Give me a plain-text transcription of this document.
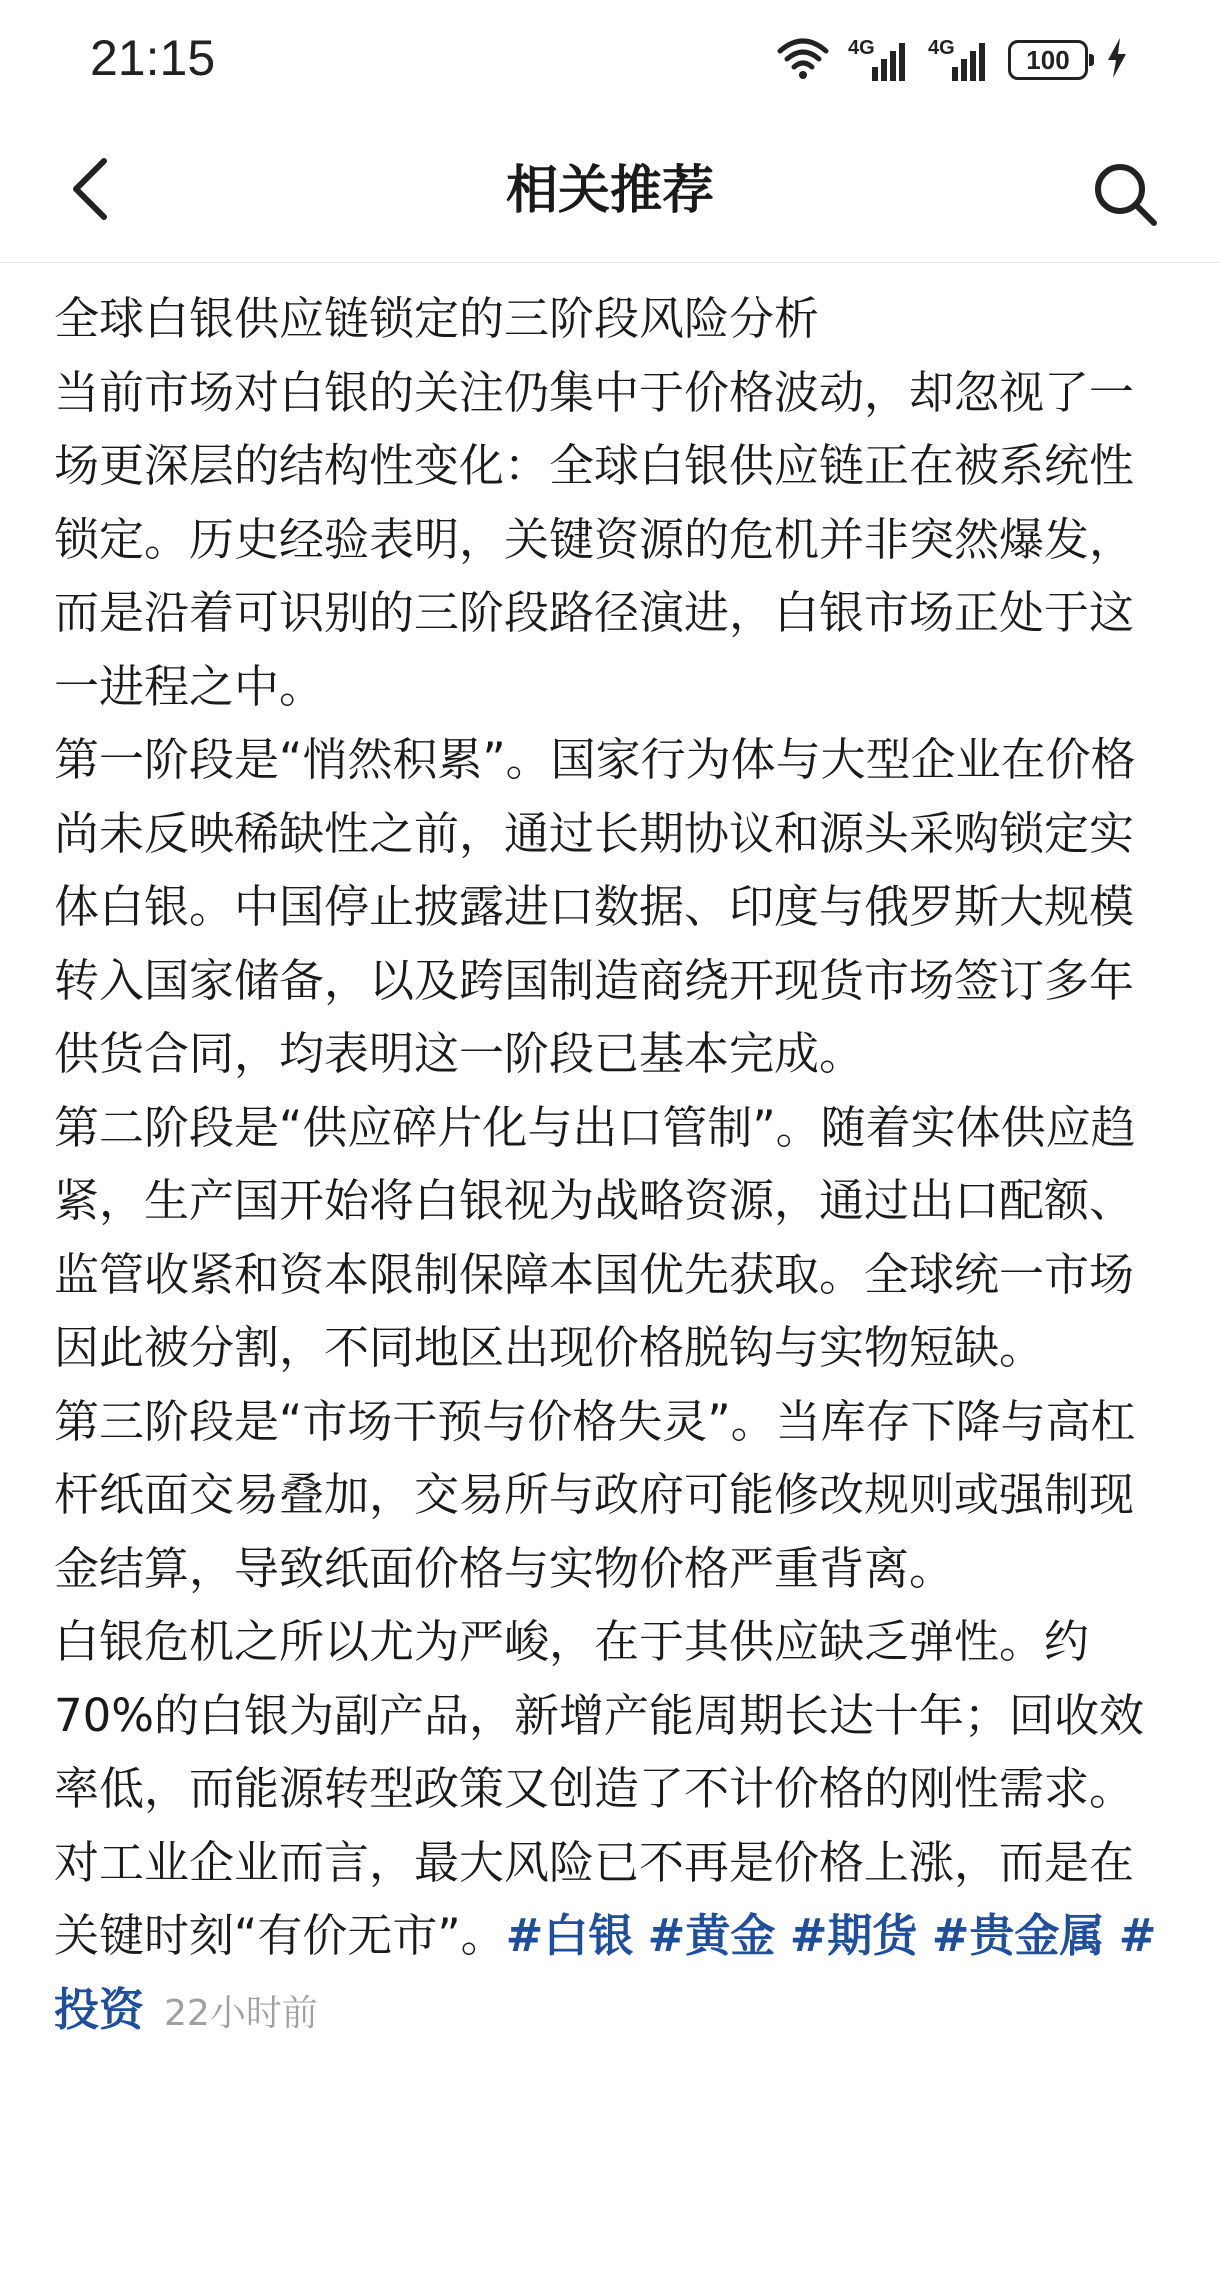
21:15	4G	4G	100
相关推荐

全球白银供应链锁定的三阶段风险分析

当前市场对白银的关注仍集中于价格波动，却忽视了一场更深层的结构性变化：全球白银供应链正在被系统性锁定。历史经验表明，关键资源的危机并非突然爆发，而是沿着可识别的三阶段路径演进，白银市场正处于这一进程之中。

第一阶段是“悄然积累”。国家行为体与大型企业在价格尚未反映稀缺性之前，通过长期协议和源头采购锁定实体白银。中国停止披露进口数据、印度与俄罗斯大规模转入国家储备，以及跨国制造商绕开现货市场签订多年供货合同，均表明这一阶段已基本完成。

第二阶段是“供应碎片化与出口管制”。随着实体供应趋紧，生产国开始将白银视为战略资源，通过出口配额、监管收紧和资本限制保障本国优先获取。全球统一市场因此被分割，不同地区出现价格脱钩与实物短缺。

第三阶段是“市场干预与价格失灵”。当库存下降与高杠杆纸面交易叠加，交易所与政府可能修改规则或强制现金结算，导致纸面价格与实物价格严重背离。

白银危机之所以尤为严峻，在于其供应缺乏弹性。约70%的白银为副产品，新增产能周期长达十年；回收效率低，而能源转型政策又创造了不计价格的刚性需求。对工业企业而言，最大风险已不再是价格上涨，而是在关键时刻“有价无市”。#白银 #黄金 #期货 #贵金属 #投资 22小时前
